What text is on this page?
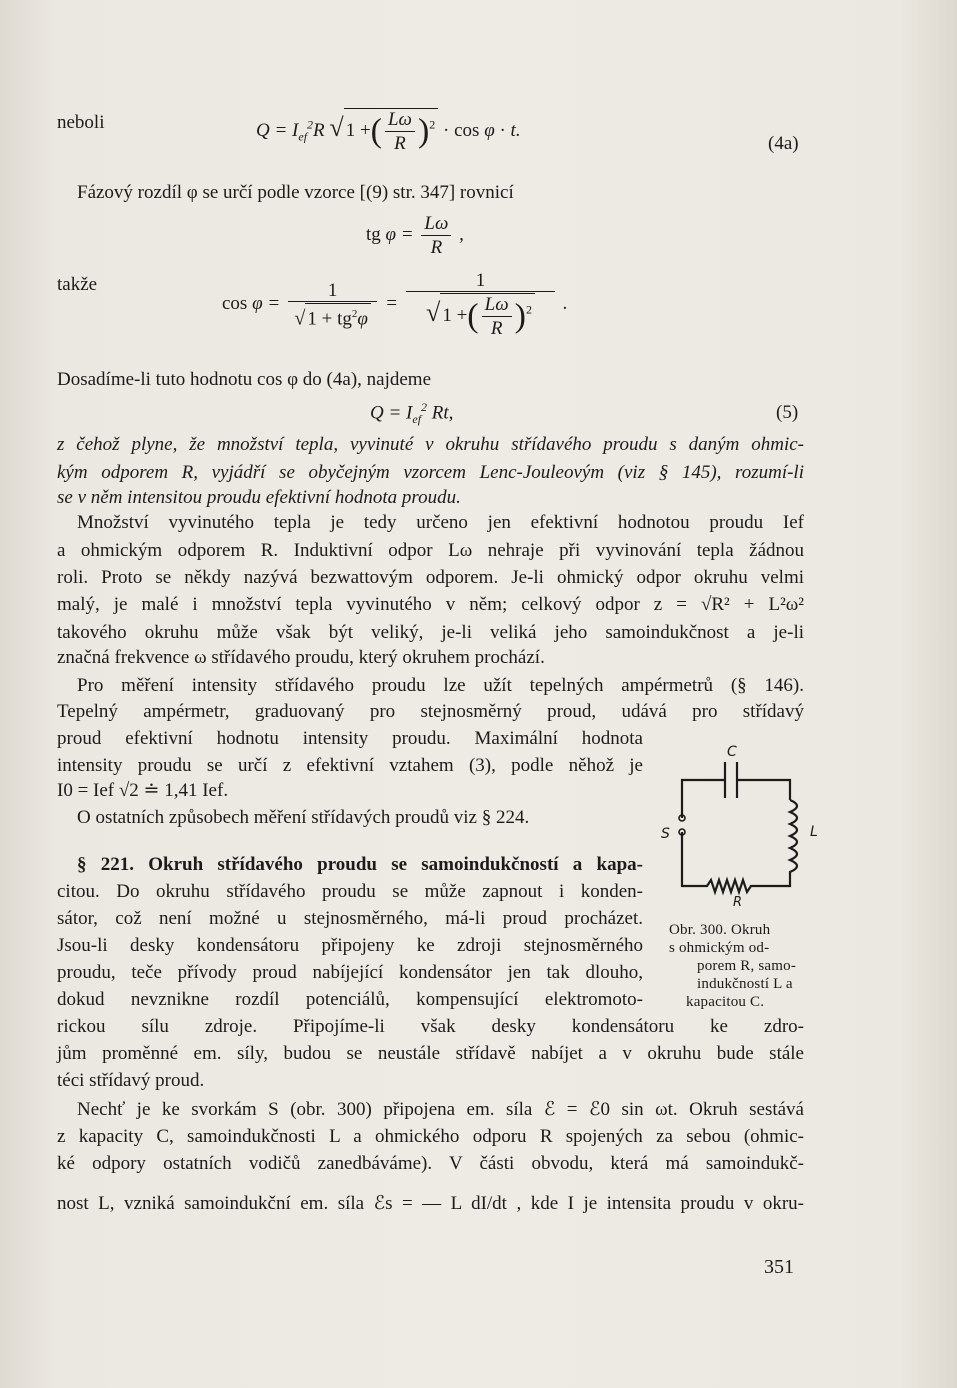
neboli	$Q = I_{ef}^2R$ √ 1 +( $\frac{L\omega}{R} )^2 \cdot \cos \varphi \cdot t$.
(4a)
Fázový rozdíl φ se určí podle vzorce [(9) str. 347] rovnicí
tg $\varphi = \frac{L\omega}{R}$ ,
takže
$\cos \varphi = \frac{1}{√ 1 + tg^2\varphi} = \frac{1}{√ 1 +( \frac{L\omega}{R} )^2}$ .
Dosadíme-li tuto hodnotu cos φ do (4a), najdeme
$Q = I_{ef}^2$ Rt,	(5)
z čehož plyne, že množství tepla, vyvinuté v okruhu střídavého proudu s daným ohmic-
kým odporem R, vyjádří se obyčejným vzorcem Lenc-Jouleovým (viz § 145), rozumí-li
se v něm intensitou proudu efektivní hodnota proudu.
Množství vyvinutého tepla je tedy určeno jen efektivní hodnotou proudu Ief
a ohmickým odporem R. Induktivní odpor Lω nehraje při vyvinování tepla žádnou
roli. Proto se někdy nazývá bezwattovým odporem. Je-li ohmický odpor okruhu velmi
malý, je malé i množství tepla vyvinutého v něm; celkový odpor z = √R² + L²ω²
takového okruhu může však být veliký, je-li veliká jeho samoindukčnost a je-li
značná frekvence ω střídavého proudu, který okruhem prochází.
Pro měření intensity střídavého proudu lze užít tepelných ampérmetrů (§ 146).
Tepelný ampérmetr, graduovaný pro stejnosměrný proud, udává pro střídavý
proud efektivní hodnotu intensity proudu. Maximální hodnota
intensity proudu se určí z efektivní vztahem (3), podle něhož je
I0 = Ief √2 ≐ 1,41 Ief.
O ostatních způsobech měření střídavých proudů viz § 224.
§ 221. Okruh střídavého proudu se samoindukčností a kapa-
citou. Do okruhu střídavého proudu se může zapnout i konden-
sátor, což není možné u stejnosměrného, má-li proud procházet.
Jsou-li desky kondensátoru připojeny ke zdroji stejnosměrného
proudu, teče přívody proud nabíjející kondensátor jen tak dlouho,
dokud nevznikne rozdíl potenciálů, kompensující elektromoto-
rickou sílu zdroje. Připojíme-li však desky kondensátoru ke zdro-
jům proměnné em. síly, budou se neustále střídavě nabíjet a v okruhu bude stále
téci střídavý proud.
Nechť je ke svorkám S (obr. 300) připojena em. síla ℰ = ℰ0 sin ωt. Okruh sestává
z kapacity C, samoindukčnosti L a ohmického odporu R spojených za sebou (ohmic-
ké odpory ostatních vodičů zanedbáváme). V části obvodu, která má samoindukč-
nost L, vzniká samoindukční em. síla ℰs = — L dI/dt , kde I je intensita proudu v okru-
C
S	L
R
Obr. 300. Okruh
s ohmickým od-
porem R, samo-
indukčností L a
kapacitou C.
351
